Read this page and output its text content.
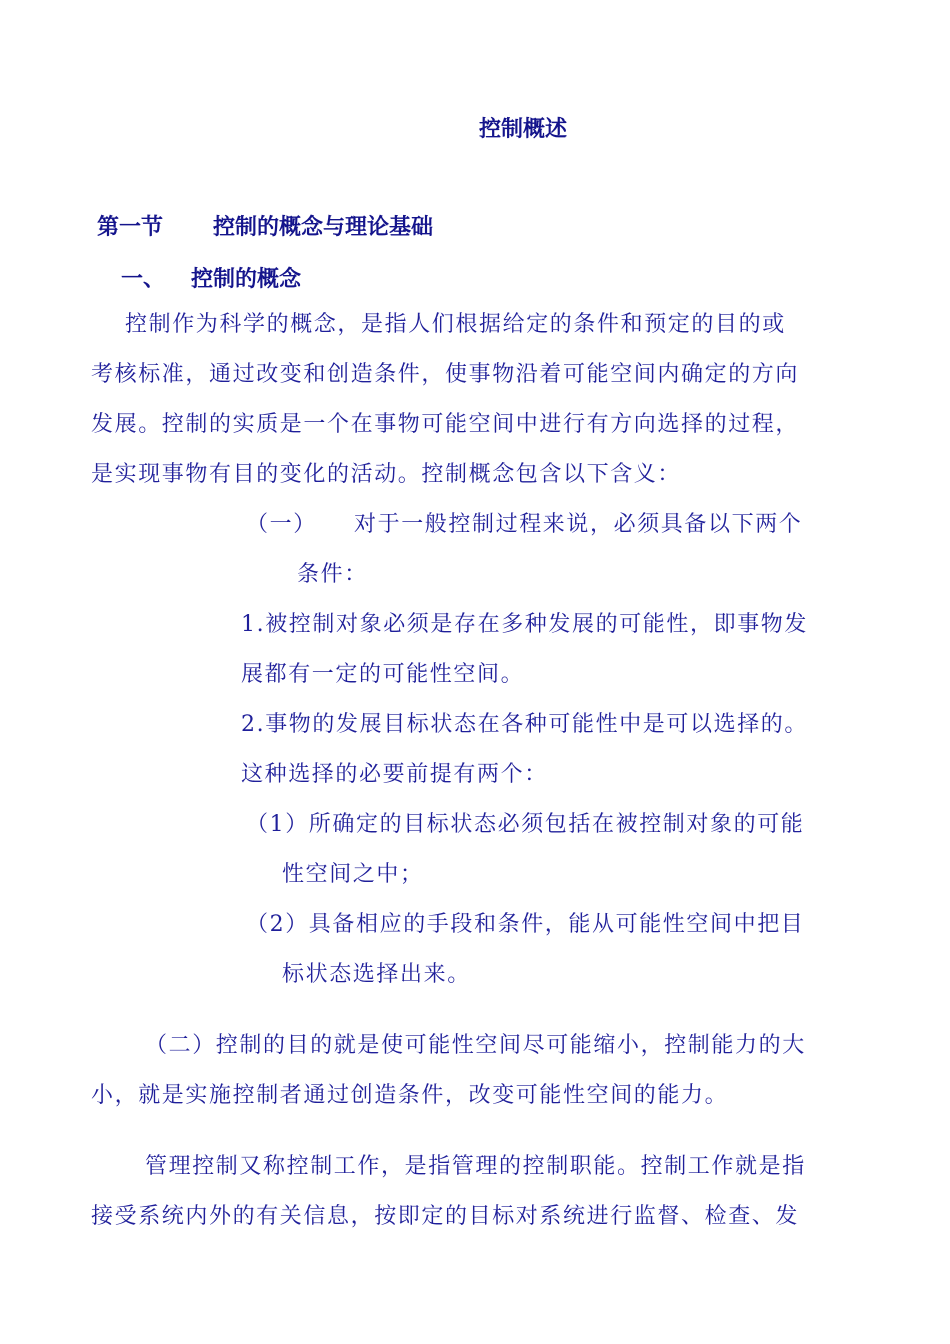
控制概述
第一节 控制的概念与理论基础
一、 控制的概念
控制作为科学的概念，是指人们根据给定的条件和预定的目的或
考核标准，通过改变和创造条件，使事物沿着可能空间内确定的方向
发展。控制的实质是一个在事物可能空间中进行有方向选择的过程，
是实现事物有目的变化的活动。控制概念包含以下含义：
（一） 对于一般控制过程来说，必须具备以下两个
条件：
1.被控制对象必须是存在多种发展的可能性，即事物发
展都有一定的可能性空间。
2.事物的发展目标状态在各种可能性中是可以选择的。
这种选择的必要前提有两个：
（1）所确定的目标状态必须包括在被控制对象的可能
性空间之中；
（2）具备相应的手段和条件，能从可能性空间中把目
标状态选择出来。
（二）控制的目的就是使可能性空间尽可能缩小，控制能力的大
小，就是实施控制者通过创造条件，改变可能性空间的能力。
管理控制又称控制工作，是指管理的控制职能。控制工作就是指
接受系统内外的有关信息，按即定的目标对系统进行监督、检查、发
